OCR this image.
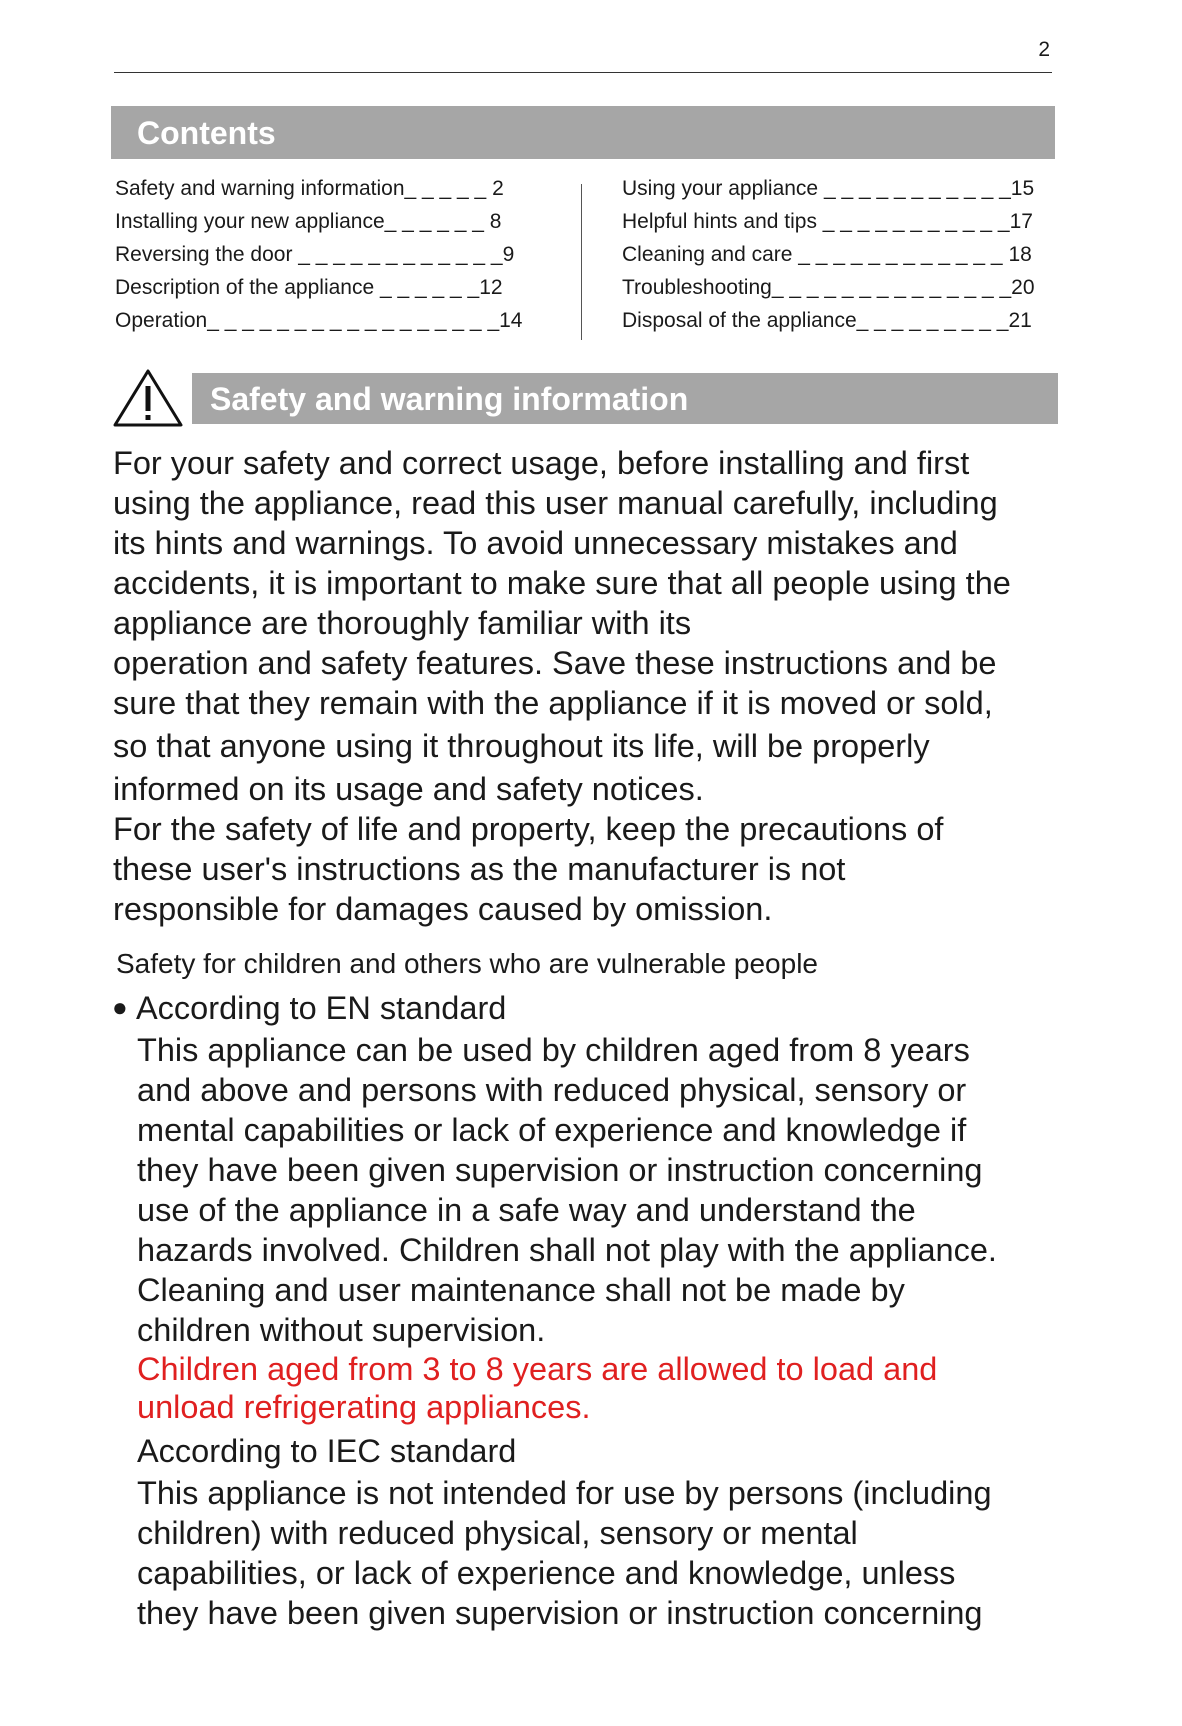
2
Contents
Safety and warning information_ _ _ _ _ 2
Installing your new appliance_ _ _ _ _ _ 8
Reversing the door _ _ _ _ _ _ _ _ _ _ _ _9
Description of the appliance _ _ _ _ _ _12
Operation_ _ _ _ _ _ _ _ _ _ _ _ _ _ _ _ _14
Using your appliance _ _ _ _ _ _ _ _ _ _ _15
Helpful hints and tips _ _ _ _ _ _ _ _ _ _ _17
Cleaning and care _ _ _ _ _ _ _ _ _ _ _ _ 18
Troubleshooting_ _ _ _ _ _ _ _ _ _ _ _ _ _20
Disposal of the appliance_ _ _ _ _ _ _ _ _21
Safety and warning information

For your safety and correct usage, before installing and first

using the appliance, read this user manual carefully, including

its hints and warnings. To avoid unnecessary mistakes and

accidents, it is important to make sure that all people using the

appliance are thoroughly familiar with its

operation and safety features. Save these instructions and be

sure that they remain with the appliance if it is moved or sold,

so that anyone using it throughout its life, will be properly

informed on its usage and safety notices.

For the safety of life and property, keep the precautions of

these user's instructions as the manufacturer is not

responsible for damages caused by omission.

Safety for children and others who are vulnerable people
● According to EN standard

This appliance can be used by children aged from 8 years

and above and persons with reduced physical, sensory or

mental capabilities or lack of experience and knowledge if

they have been given supervision or instruction concerning

use of the appliance in a safe way and understand the

hazards involved. Children shall not play with the appliance.

Cleaning and user maintenance shall not be made by

children without supervision.

Children aged from 3 to 8 years are allowed to load and

unload refrigerating appliances.

According to IEC standard

This appliance is not intended for use by persons (including

children) with reduced physical, sensory or mental

capabilities, or lack of experience and knowledge, unless

they have been given supervision or instruction concerning
